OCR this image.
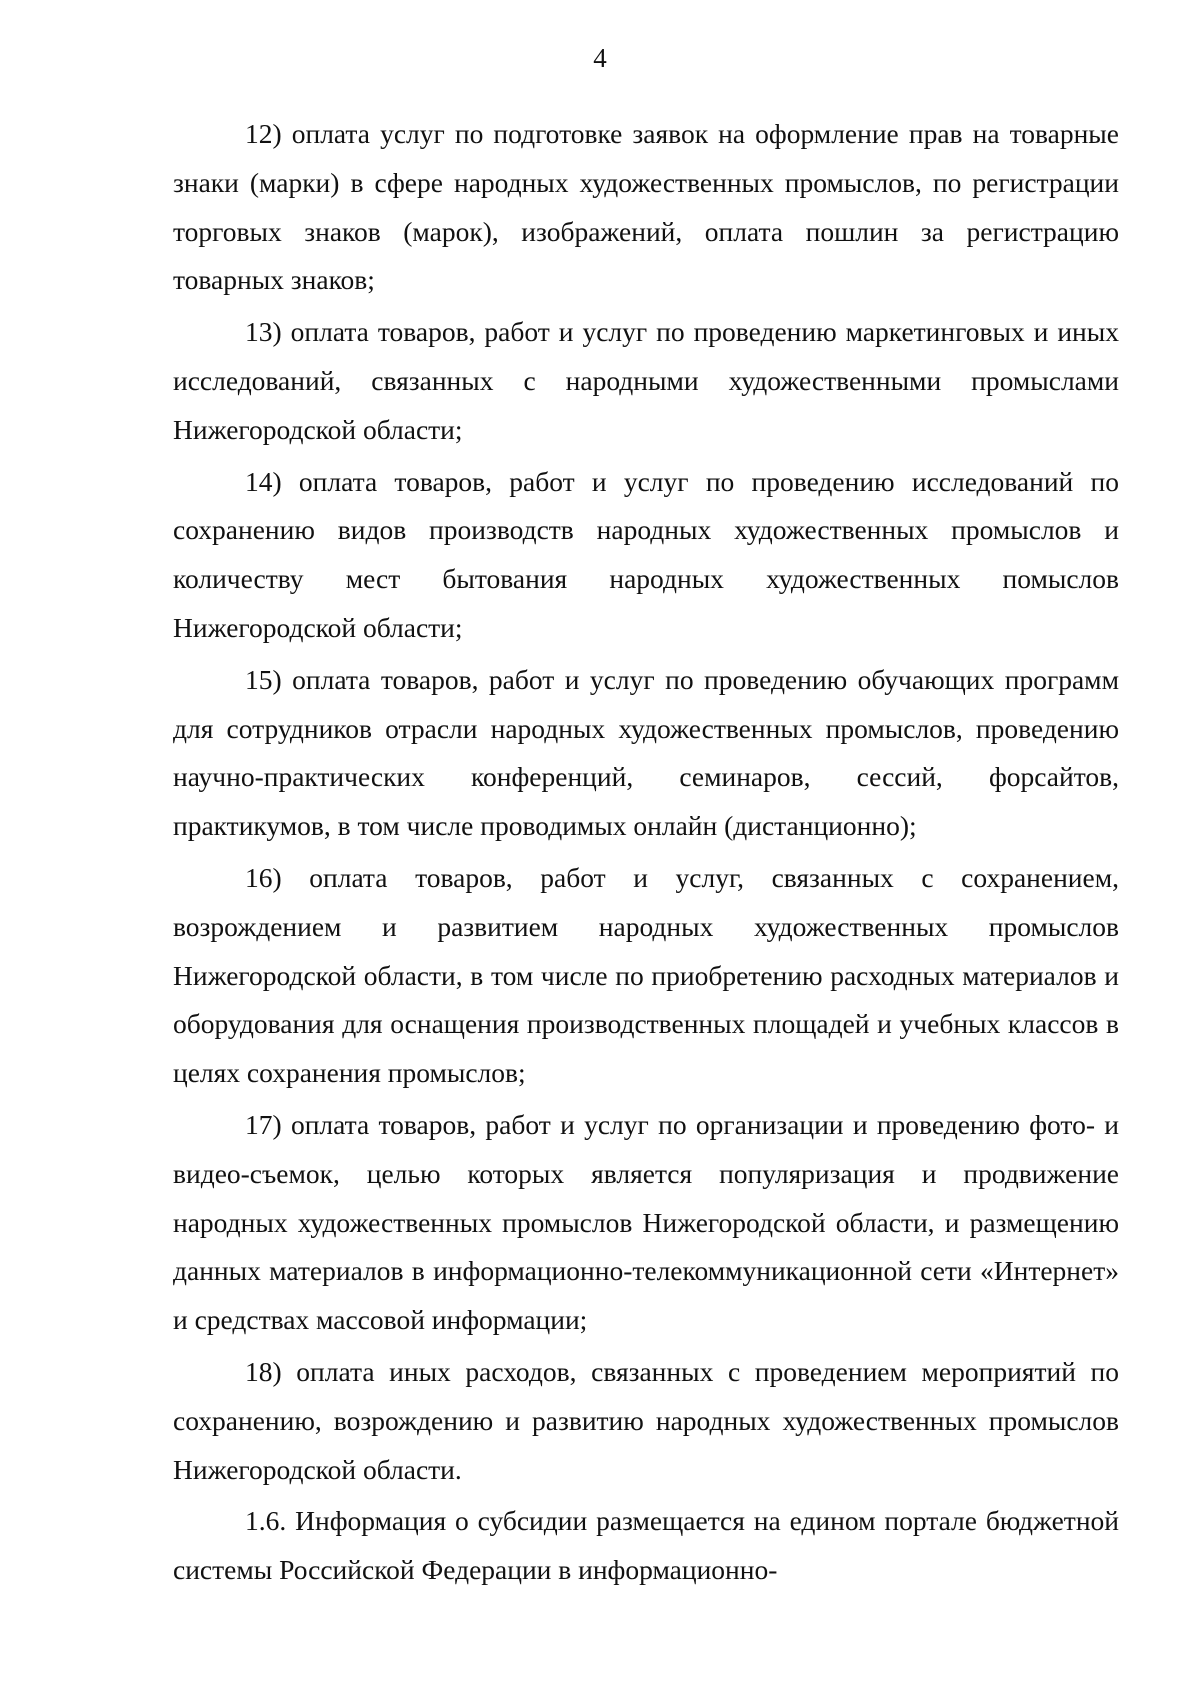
4

12) оплата услуг по подготовке заявок на оформление прав на товарные знаки (марки) в сфере народных художественных промыслов, по регистрации торговых знаков (марок), изображений, оплата пошлин за регистрацию товарных знаков;

13) оплата товаров, работ и услуг по проведению маркетинговых и иных исследований, связанных с народными художественными промыслами Нижегородской области;

14) оплата товаров, работ и услуг по проведению исследований по сохранению видов производств народных художественных промыслов и количеству мест бытования народных художественных помыслов Нижегородской области;

15) оплата товаров, работ и услуг по проведению обучающих программ для сотрудников отрасли народных художественных промыслов, проведению научно-практических конференций, семинаров, сессий, форсайтов, практикумов, в том числе проводимых онлайн (дистанционно);

16) оплата товаров, работ и услуг, связанных с сохранением, возрождением и развитием народных художественных промыслов Нижегородской области, в том числе по приобретению расходных материалов и оборудования для оснащения производственных площадей и учебных классов в целях сохранения промыслов;

17) оплата товаров, работ и услуг по организации и проведению фото- и видео-съемок, целью которых является популяризация и продвижение народных художественных промыслов Нижегородской области, и размещению данных материалов в информационно-телекоммуникационной сети «Интернет» и средствах массовой информации;

18) оплата иных расходов, связанных с проведением мероприятий по сохранению, возрождению и развитию народных художественных промыслов Нижегородской области.

1.6. Информация о субсидии размещается на едином портале бюджетной системы Российской Федерации в информационно-
